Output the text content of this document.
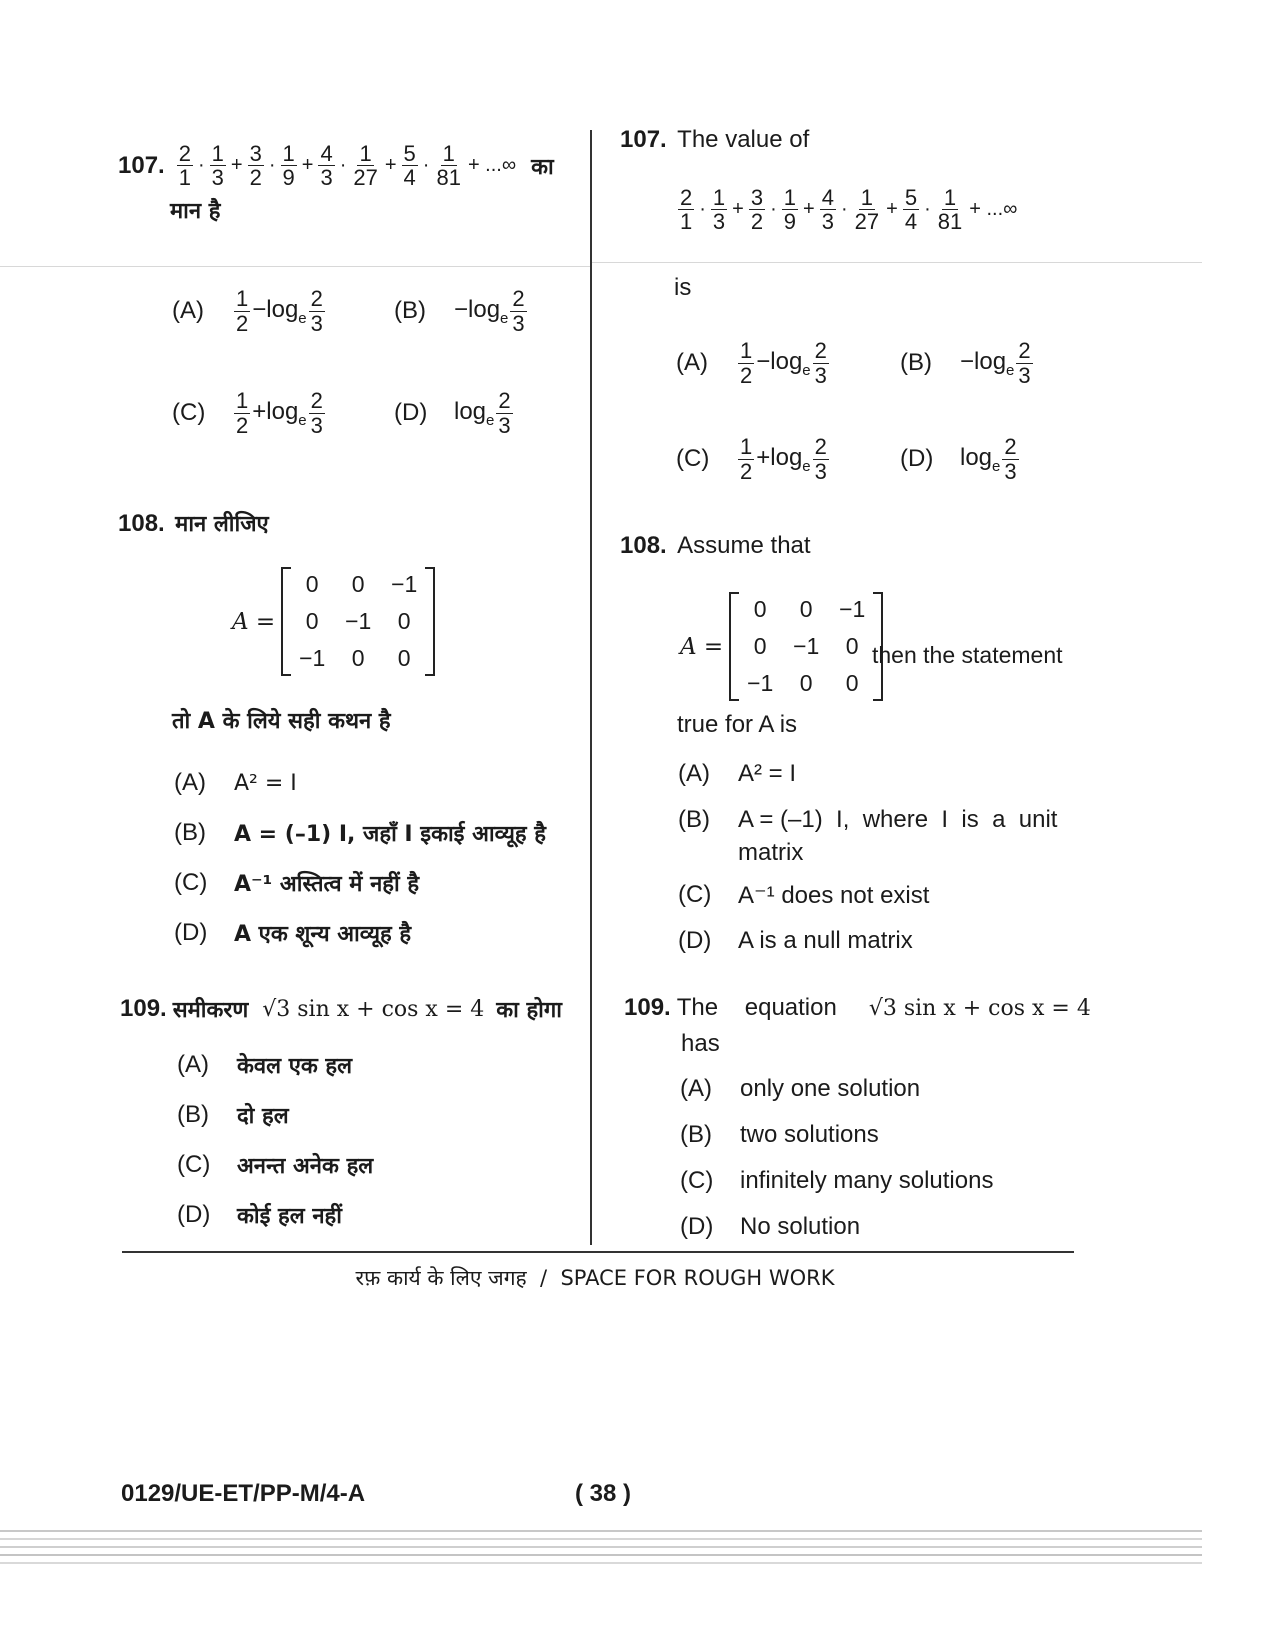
107. $\frac{2}{1} \cdot \frac{1}{3} + \frac{3}{2} \cdot \frac{1}{9} + \frac{4}{3} \cdot \frac{1}{27} + \frac{5}{4} \cdot \frac{1}{81}$ + ...∞ का
मान है
(A)	$\frac{1}{2} -\log_e \frac{2}{3}$	(B)	$-\log_e \frac{2}{3}$
(C)	$\frac{1}{2} +\log_e \frac{2}{3}$	(D)	$\log_e \frac{2}{3}$
108. मान लीजिए
A =
0	0	−1
0	−1	0
−1	0	0
तो A के लिये सही कथन है
(A)	A² = I
(B)	A = (–1) I, जहाँ I इकाई आव्यूह है
(C)	A⁻¹ अस्तित्व में नहीं है
(D)	A एक शून्य आव्यूह है
109. समीकरण √3 sin x + cos x = 4 का होगा
(A)	केवल एक हल
(B)	दो हल
(C)	अनन्त अनेक हल
(D)	कोई हल नहीं
107. The value of
$\frac{2}{1} \cdot \frac{1}{3} + \frac{3}{2} \cdot \frac{1}{9} + \frac{4}{3} \cdot \frac{1}{27} + \frac{5}{4} \cdot \frac{1}{81}$ + ...∞
is
(A)	$\frac{1}{2} -\log_e \frac{2}{3}$	(B)	$-\log_e \frac{2}{3}$
(C)	$\frac{1}{2} +\log_e \frac{2}{3}$	(D)	$\log_e \frac{2}{3}$
108. Assume that
A =
0	0	−1
0	−1	0
−1	0	0
then the statement
true for A is
(A)	A² = I
(B)	A = (–1)  I,  where  I  is  a  unit
matrix
(C)	A⁻¹ does not exist
(D)	A is a null matrix
109. The    equation √3 sin x + cos x = 4
has
(A)	only one solution
(B)	two solutions
(C)	infinitely many solutions
(D)	No solution
रफ़ कार्य के लिए जगह  /  SPACE FOR ROUGH WORK
0129/UE-ET/PP-M/4-A	( 38 )
